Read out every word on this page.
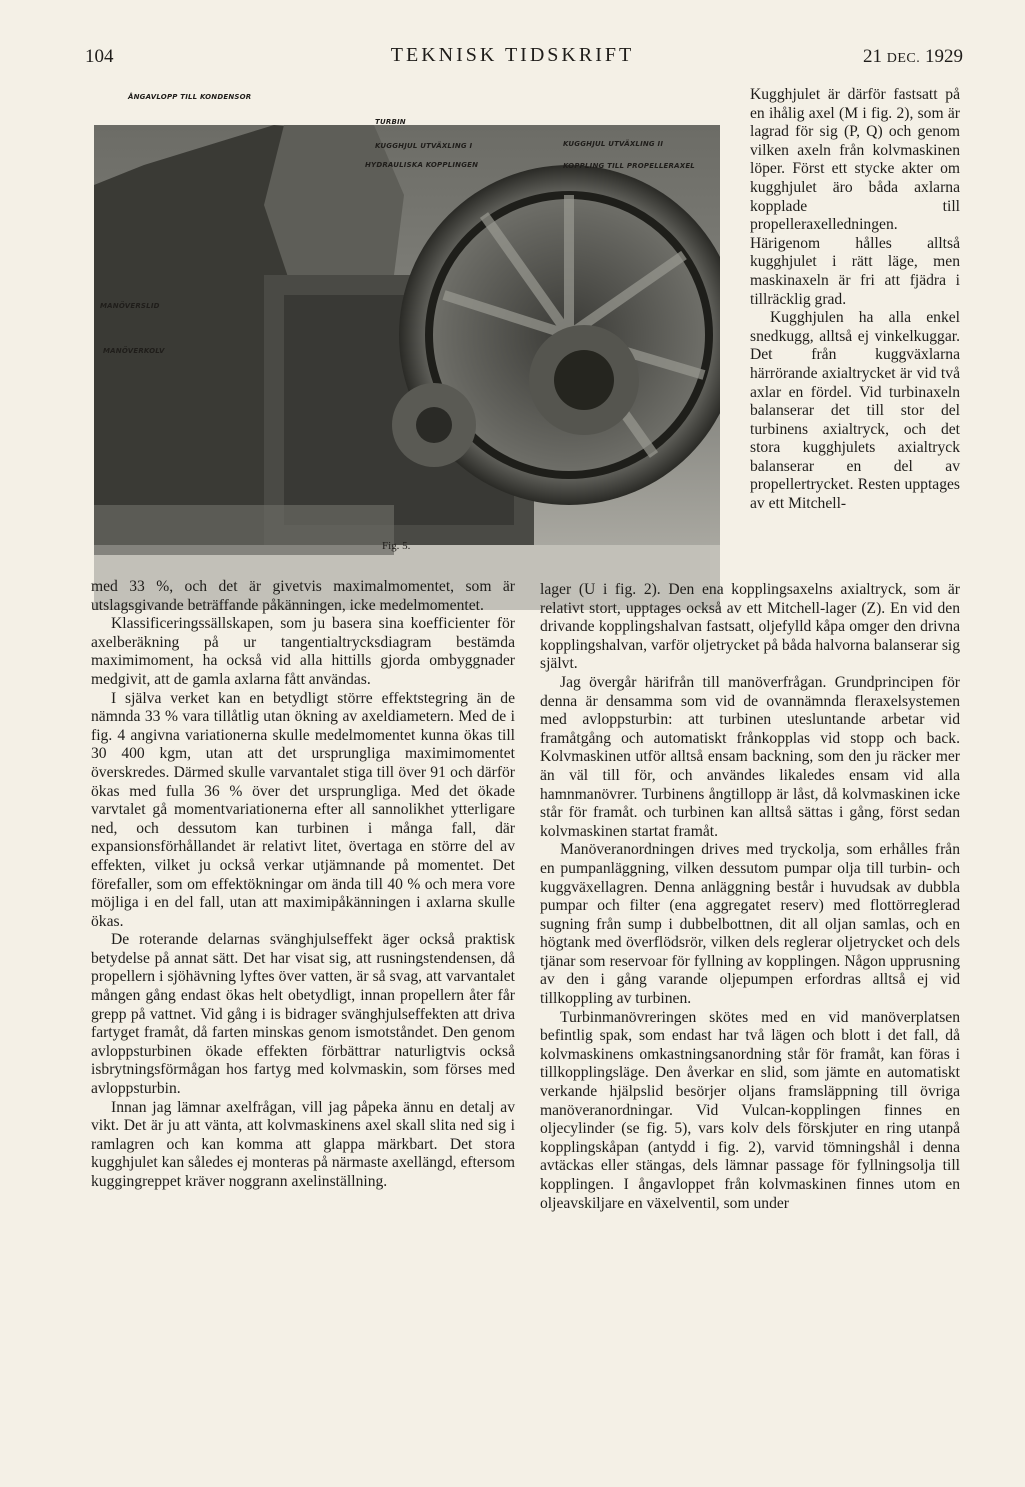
104	TEKNISK TIDSKRIFT	21 DEC. 1929
ÅNGAVLOPP TILL KONDENSOR
TURBIN
KUGGHJUL UTVÄXLING I
HYDRAULISKA KOPPLINGEN
KUGGHJUL UTVÄXLING II
KOPPLING TILL PROPELLERAXEL
MANÖVERSLID
MANÖVERKOLV
Fig. 5.

Kugghjulet är därför fastsatt på en ihålig axel (M i fig. 2), som är lagrad för sig (P, Q) och genom vilken axeln från kolvmaskinen löper. Först ett stycke akter om kugghjulet äro båda axlarna kopplade till propelleraxelledningen. Härigenom hålles alltså kugghjulet i rätt läge, men maskinaxeln är fri att fjädra i tillräcklig grad.

Kugghjulen ha alla enkel snedkugg, alltså ej vinkelkuggar. Det från kuggväxlarna härrörande axialtrycket är vid två axlar en fördel. Vid turbinaxeln balanserar det till stor del turbinens axialtryck, och det stora kugghjulets axialtryck balanserar en del av propellertrycket. Resten upptages av ett Mitchell-

med 33 %, och det är givetvis maximalmomentet, som är utslagsgivande beträffande påkänningen, icke medelmomentet.

Klassificeringssällskapen, som ju basera sina koefficienter för axelberäkning på ur tangentialtrycksdiagram bestämda maximimoment, ha också vid alla hittills gjorda ombyggnader medgivit, att de gamla axlarna fått användas.

I själva verket kan en betydligt större effektstegring än de nämnda 33 % vara tillåtlig utan ökning av axeldiametern. Med de i fig. 4 angivna variationerna skulle medelmomentet kunna ökas till 30 400 kgm, utan att det ursprungliga maximimomentet överskredes. Därmed skulle varvantalet stiga till över 91 och därför ökas med fulla 36 % över det ursprungliga. Med det ökade varvtalet gå momentvariationerna efter all sannolikhet ytterligare ned, och dessutom kan turbinen i många fall, där expansionsförhållandet är relativt litet, övertaga en större del av effekten, vilket ju också verkar utjämnande på momentet. Det förefaller, som om effektökningar om ända till 40 % och mera vore möjliga i en del fall, utan att maximipåkänningen i axlarna skulle ökas.

De roterande delarnas svänghjulseffekt äger också praktisk betydelse på annat sätt. Det har visat sig, att rusningstendensen, då propellern i sjöhävning lyftes över vatten, är så svag, att varvantalet mången gång endast ökas helt obetydligt, innan propellern åter får grepp på vattnet. Vid gång i is bidrager svänghjulseffekten att driva fartyget framåt, då farten minskas genom ismotståndet. Den genom avloppsturbinen ökade effekten förbättrar naturligtvis också isbrytningsförmågan hos fartyg med kolvmaskin, som förses med avloppsturbin.

Innan jag lämnar axelfrågan, vill jag påpeka ännu en detalj av vikt. Det är ju att vänta, att kolvmaskinens axel skall slita ned sig i ramlagren och kan komma att glappa märkbart. Det stora kugghjulet kan således ej monteras på närmaste axellängd, eftersom kuggingreppet kräver noggrann axelinställning.

lager (U i fig. 2). Den ena kopplingsaxelns axialtryck, som är relativt stort, upptages också av ett Mitchell-lager (Z). En vid den drivande kopplingshalvan fastsatt, oljefylld kåpa omger den drivna kopplingshalvan, varför oljetrycket på båda halvorna balanserar sig självt.

Jag övergår härifrån till manöverfrågan. Grundprincipen för denna är densamma som vid de ovannämnda fleraxelsystemen med avloppsturbin: att turbinen utesluntande arbetar vid framåtgång och automatiskt frånkopplas vid stopp och back. Kolvmaskinen utför alltså ensam backning, som den ju räcker mer än väl till för, och användes likaledes ensam vid alla hamnmanövrer. Turbinens ångtillopp är låst, då kolvmaskinen icke står för framåt. och turbinen kan alltså sättas i gång, först sedan kolvmaskinen startat framåt.

Manöveranordningen drives med tryckolja, som erhålles från en pumpanläggning, vilken dessutom pumpar olja till turbin- och kuggväxellagren. Denna anläggning består i huvudsak av dubbla pumpar och filter (ena aggregatet reserv) med flottörreglerad sugning från sump i dubbelbottnen, dit all oljan samlas, och en högtank med överflödsrör, vilken dels reglerar oljetrycket och dels tjänar som reservoar för fyllning av kopplingen. Någon upprusning av den i gång varande oljepumpen erfordras alltså ej vid tillkoppling av turbinen.

Turbinmanövreringen skötes med en vid manöverplatsen befintlig spak, som endast har två lägen och blott i det fall, då kolvmaskinens omkastningsanordning står för framåt, kan föras i tillkopplingsläge. Den åverkar en slid, som jämte en automatiskt verkande hjälpslid besörjer oljans framsläppning till övriga manöveranordningar. Vid Vulcan-kopplingen finnes en oljecylinder (se fig. 5), vars kolv dels förskjuter en ring utanpå kopplingskåpan (antydd i fig. 2), varvid tömningshål i denna avtäckas eller stängas, dels lämnar passage för fyllningsolja till kopplingen. I ångavloppet från kolvmaskinen finnes utom en oljeavskiljare en växelventil, som under
